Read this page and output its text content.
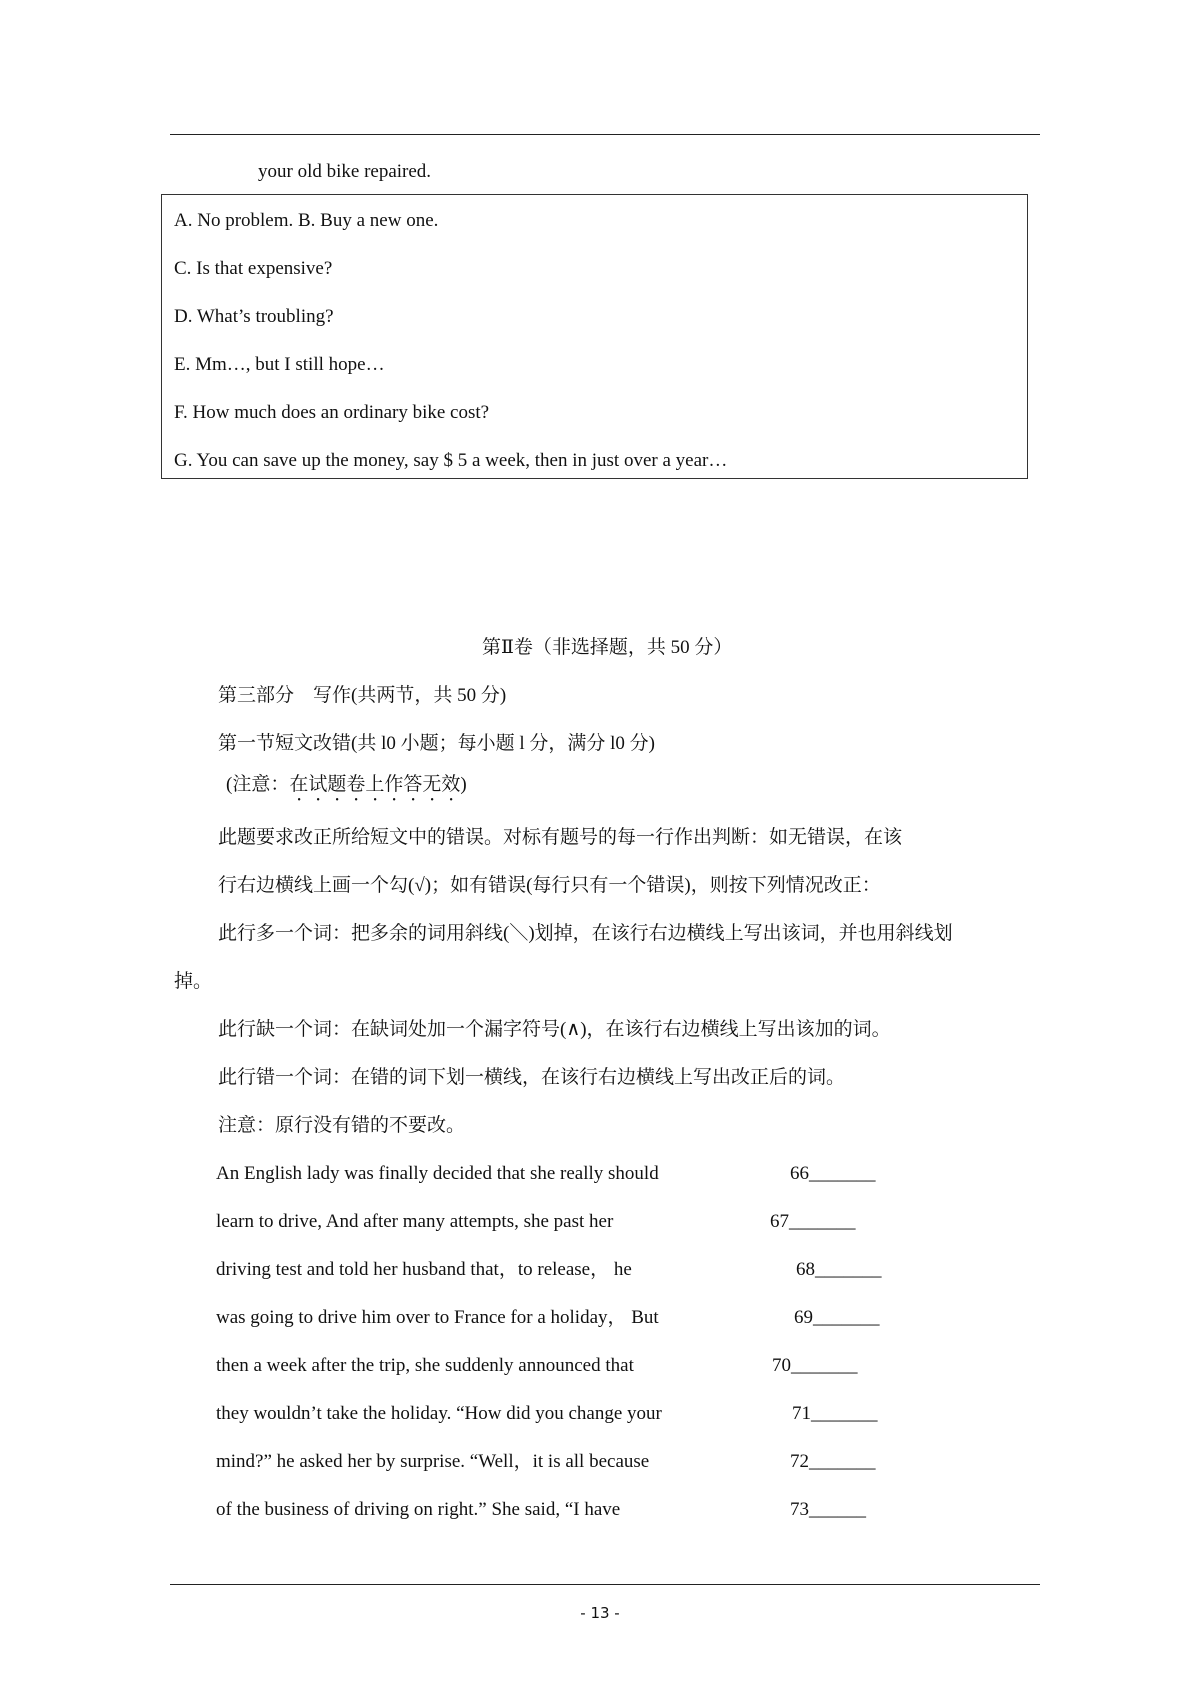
your old bike repaired.
A. No problem. B. Buy a new one.
C. Is that expensive?
D. What’s troubling?
E. Mm…, but I still hope…
F. How much does an ordinary bike cost?
G. You can save up the money, say $ 5 a week, then in just over a year…
第Ⅱ卷（非选择题，共 50 分）
第三部分　写作(共两节，共 50 分)
第一节短文改错(共 l0 小题；每小题 l 分，满分 l0 分)
(注意：在试题卷上作答无效)
此题要求改正所给短文中的错误。对标有题号的每一行作出判断：如无错误，在该
行右边横线上画一个勾(√)；如有错误(每行只有一个错误)，则按下列情况改正：
此行多一个词：把多余的词用斜线(＼)划掉，在该行右边横线上写出该词，并也用斜线划
掉。
此行缺一个词：在缺词处加一个漏字符号(∧)，在该行右边横线上写出该加的词。
此行错一个词：在错的词下划一横线，在该行右边横线上写出改正后的词。
注意：原行没有错的不要改。
An English lady was finally decided that she really should	66_______
learn to drive, And after many attempts, she past her	67_______
driving test and told her husband that，to release， he	68_______
was going to drive him over to France for a holiday， But	69_______
then a week after the trip, she suddenly announced that	70_______
they wouldn’t take the holiday. “How did you change your	71_______
mind?” he asked her by surprise. “Well，it is all because	72_______
of the business of driving on right.” She said, “I have	73______
- 13 -
